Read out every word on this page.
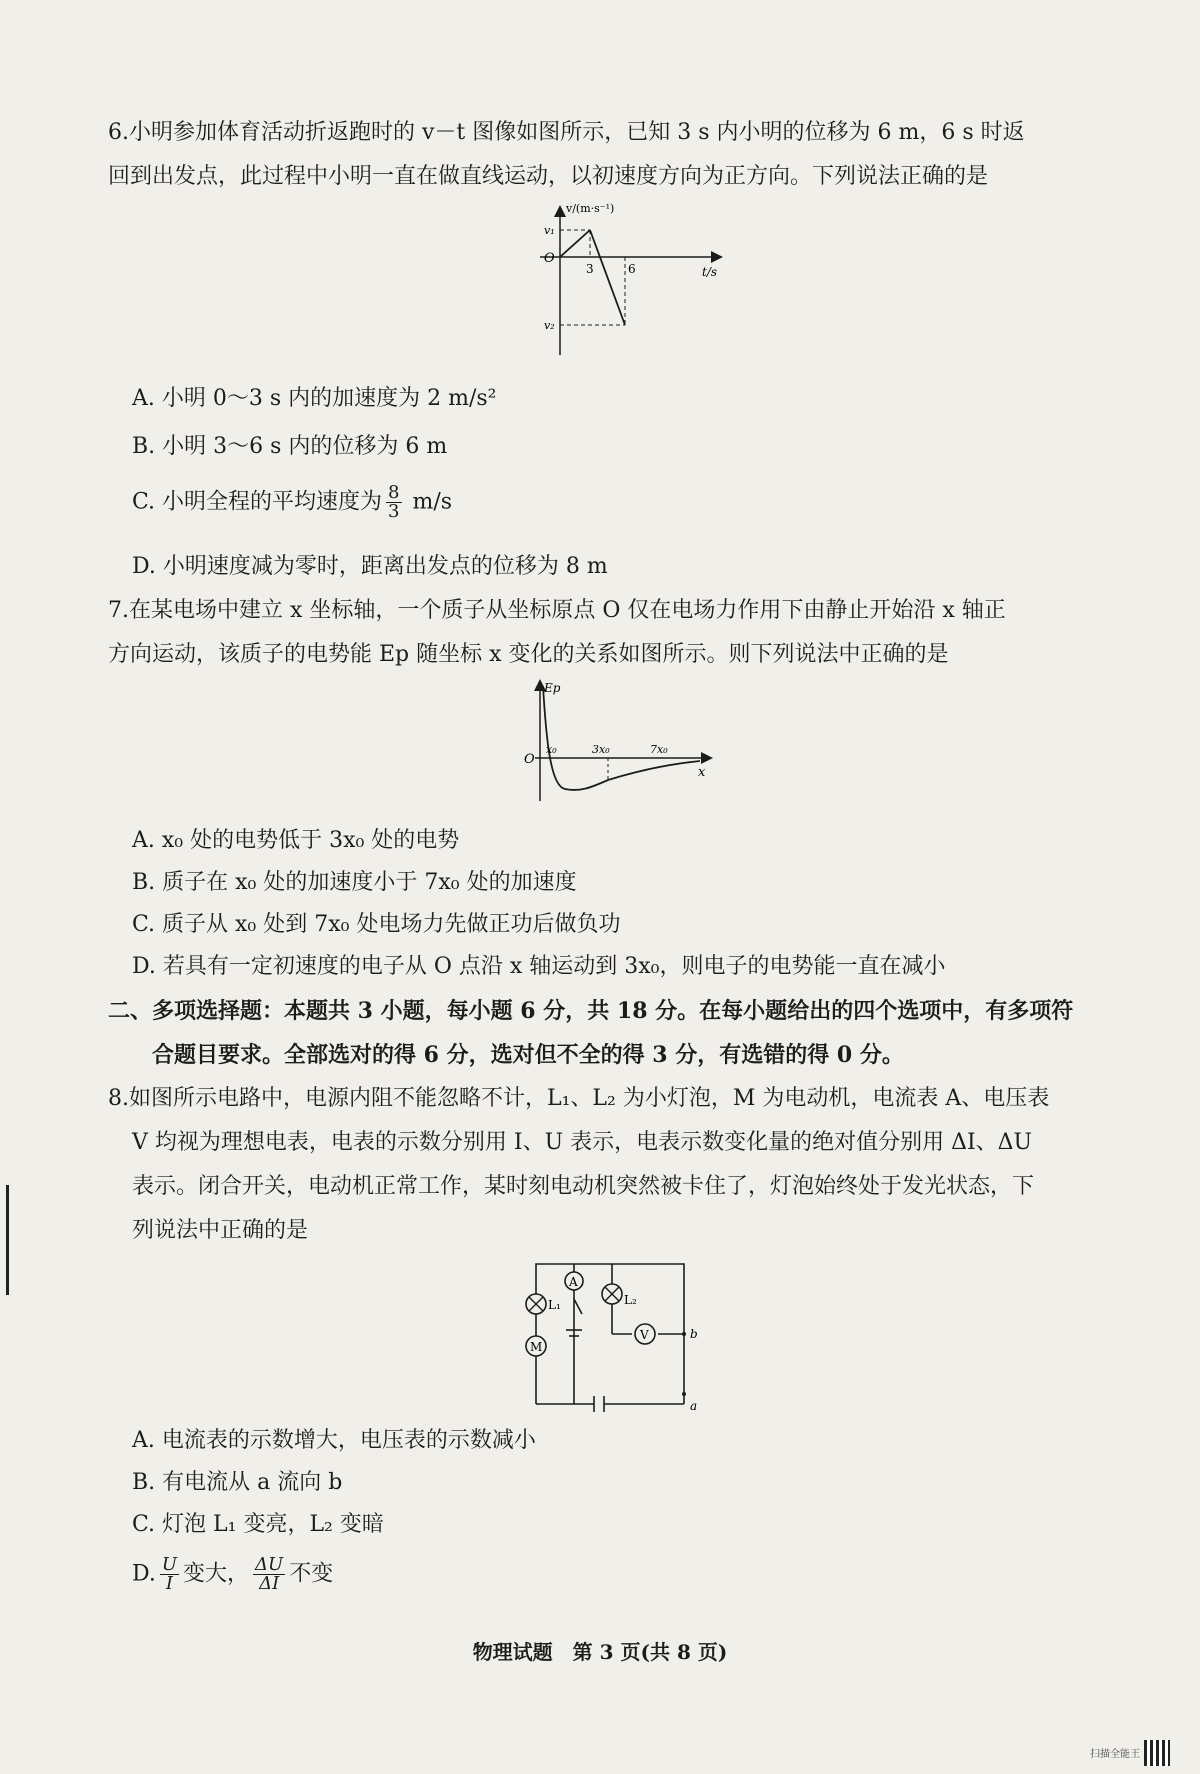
6.小明参加体育活动折返跑时的 v－t 图像如图所示，已知 3 s 内小明的位移为 6 m，6 s 时返
回到出发点，此过程中小明一直在做直线运动，以初速度方向为正方向。下列说法正确的是
v/(m·s⁻¹)
t/s
O
v₁
v₂
3	6
A. 小明 0～3 s 内的加速度为 2 m/s²
B. 小明 3～6 s 内的位移为 6 m
C. 小明全程的平均速度为 $\frac{8}{3} m/s$
D. 小明速度减为零时，距离出发点的位移为 8 m
7.在某电场中建立 x 坐标轴，一个质子从坐标原点 O 仅在电场力作用下由静止开始沿 x 轴正
方向运动，该质子的电势能 Ep 随坐标 x 变化的关系如图所示。则下列说法中正确的是
Ep
x
O
x₀	3x₀	7x₀
A. x₀ 处的电势低于 3x₀ 处的电势
B. 质子在 x₀ 处的加速度小于 7x₀ 处的加速度
C. 质子从 x₀ 处到 7x₀ 处电场力先做正功后做负功
D. 若具有一定初速度的电子从 O 点沿 x 轴运动到 3x₀，则电子的电势能一直在减小
二、多项选择题：本题共 3 小题，每小题 6 分，共 18 分。在每小题给出的四个选项中，有多项符
合题目要求。全部选对的得 6 分，选对但不全的得 3 分，有选错的得 0 分。
8.如图所示电路中，电源内阻不能忽略不计，L₁、L₂ 为小灯泡，M 为电动机，电流表 A、电压表
V 均视为理想电表，电表的示数分别用 I、U 表示，电表示数变化量的绝对值分别用 ΔI、ΔU
表示。闭合开关，电动机正常工作，某时刻电动机突然被卡住了，灯泡始终处于发光状态，下
列说法中正确的是
A
L₂
L₁
M
V	b
a
A. 电流表的示数增大，电压表的示数减小
B. 有电流从 a 流向 b
C. 灯泡 L₁ 变亮，L₂ 变暗
D. $\frac{U}{I}$ 变大， $\frac{\Delta U}{\Delta I}$ 不变
物理试题　第 3 页(共 8 页)
扫描全能王
